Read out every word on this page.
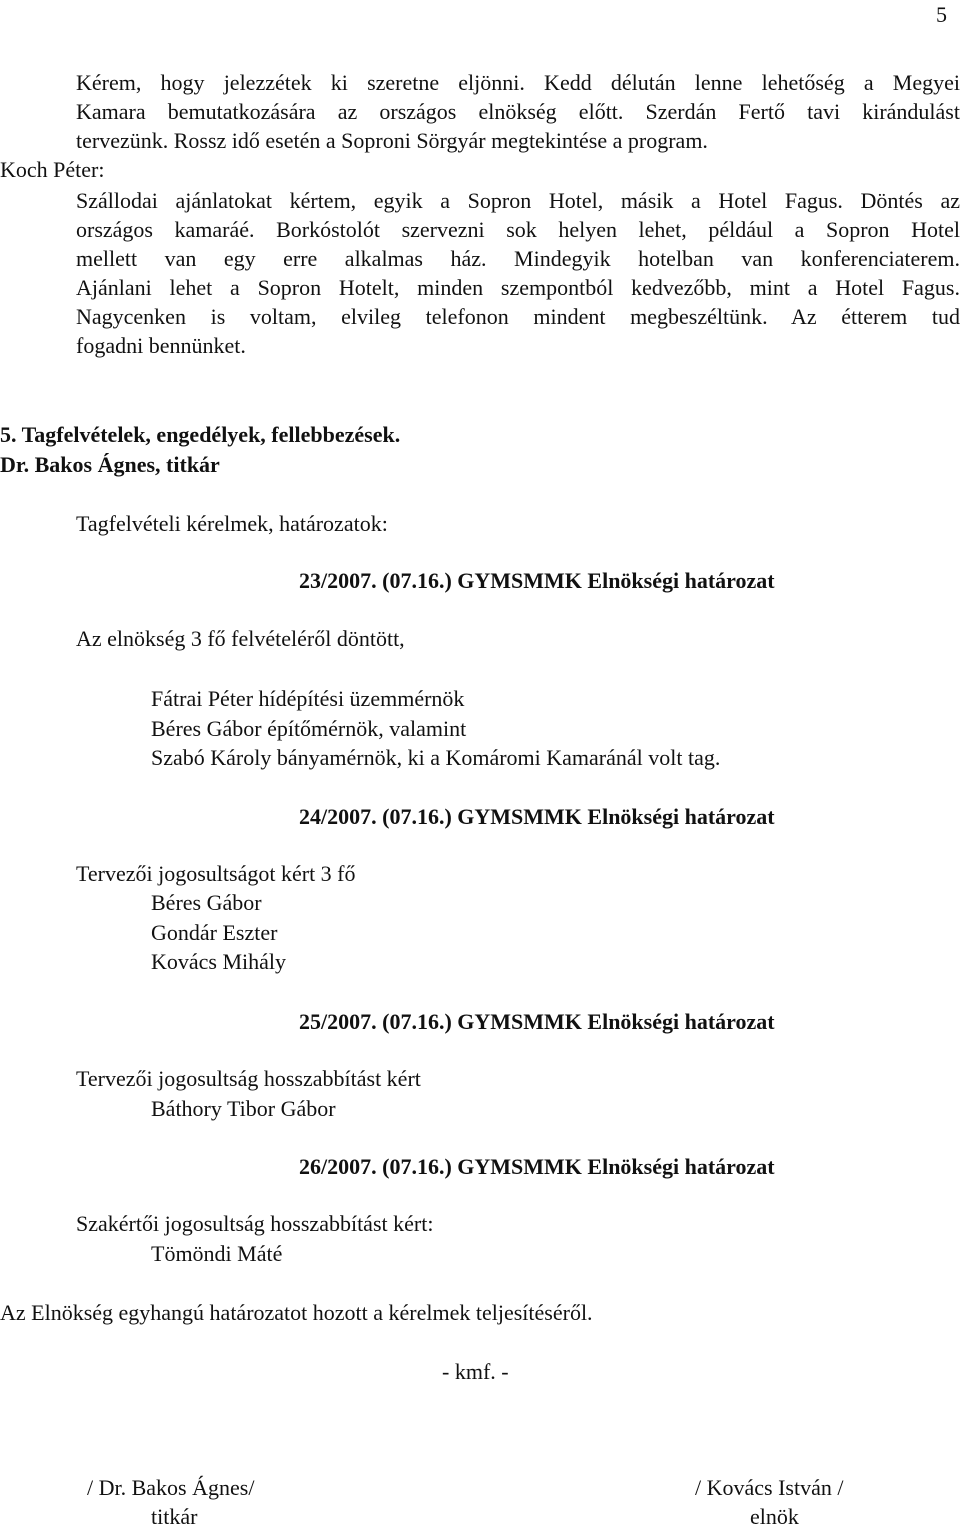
5
Kérem, hogy jelezzétek ki szeretne eljönni. Kedd délután lenne lehetőség a Megyei
Kamara bemutatkozására az országos elnökség előtt. Szerdán Fertő tavi kirándulást
tervezünk. Rossz idő esetén a Soproni Sörgyár megtekintése a program.
Koch Péter:
Szállodai ajánlatokat kértem, egyik a Sopron Hotel, másik a Hotel Fagus. Döntés az
országos kamaráé. Borkóstolót szervezni sok helyen lehet, például a Sopron Hotel
mellett van egy erre alkalmas ház. Mindegyik hotelban van konferenciaterem.
Ajánlani lehet a Sopron Hotelt, minden szempontból kedvezőbb, mint a Hotel Fagus.
Nagycenken is voltam, elvileg telefonon mindent megbeszéltünk. Az étterem tud
fogadni bennünket.
5. Tagfelvételek, engedélyek, fellebbezések.
Dr. Bakos Ágnes, titkár
Tagfelvételi kérelmek, határozatok:
23/2007. (07.16.) GYMSMMK Elnökségi határozat
Az elnökség 3 fő felvételéről döntött,
Fátrai Péter hídépítési üzemmérnök
Béres Gábor építőmérnök, valamint
Szabó Károly bányamérnök, ki a Komáromi Kamaránál volt tag.
24/2007. (07.16.) GYMSMMK Elnökségi határozat
Tervezői jogosultságot kért 3 fő
Béres Gábor
Gondár Eszter
Kovács Mihály
25/2007. (07.16.) GYMSMMK Elnökségi határozat
Tervezői jogosultság hosszabbítást kért
Báthory Tibor Gábor
26/2007. (07.16.) GYMSMMK Elnökségi határozat
Szakértői jogosultság hosszabbítást kért:
Tömöndi Máté
Az Elnökség egyhangú határozatot hozott a kérelmek teljesítéséről.
- kmf. -
/ Dr. Bakos Ágnes/
titkár
/ Kovács István /
elnök
